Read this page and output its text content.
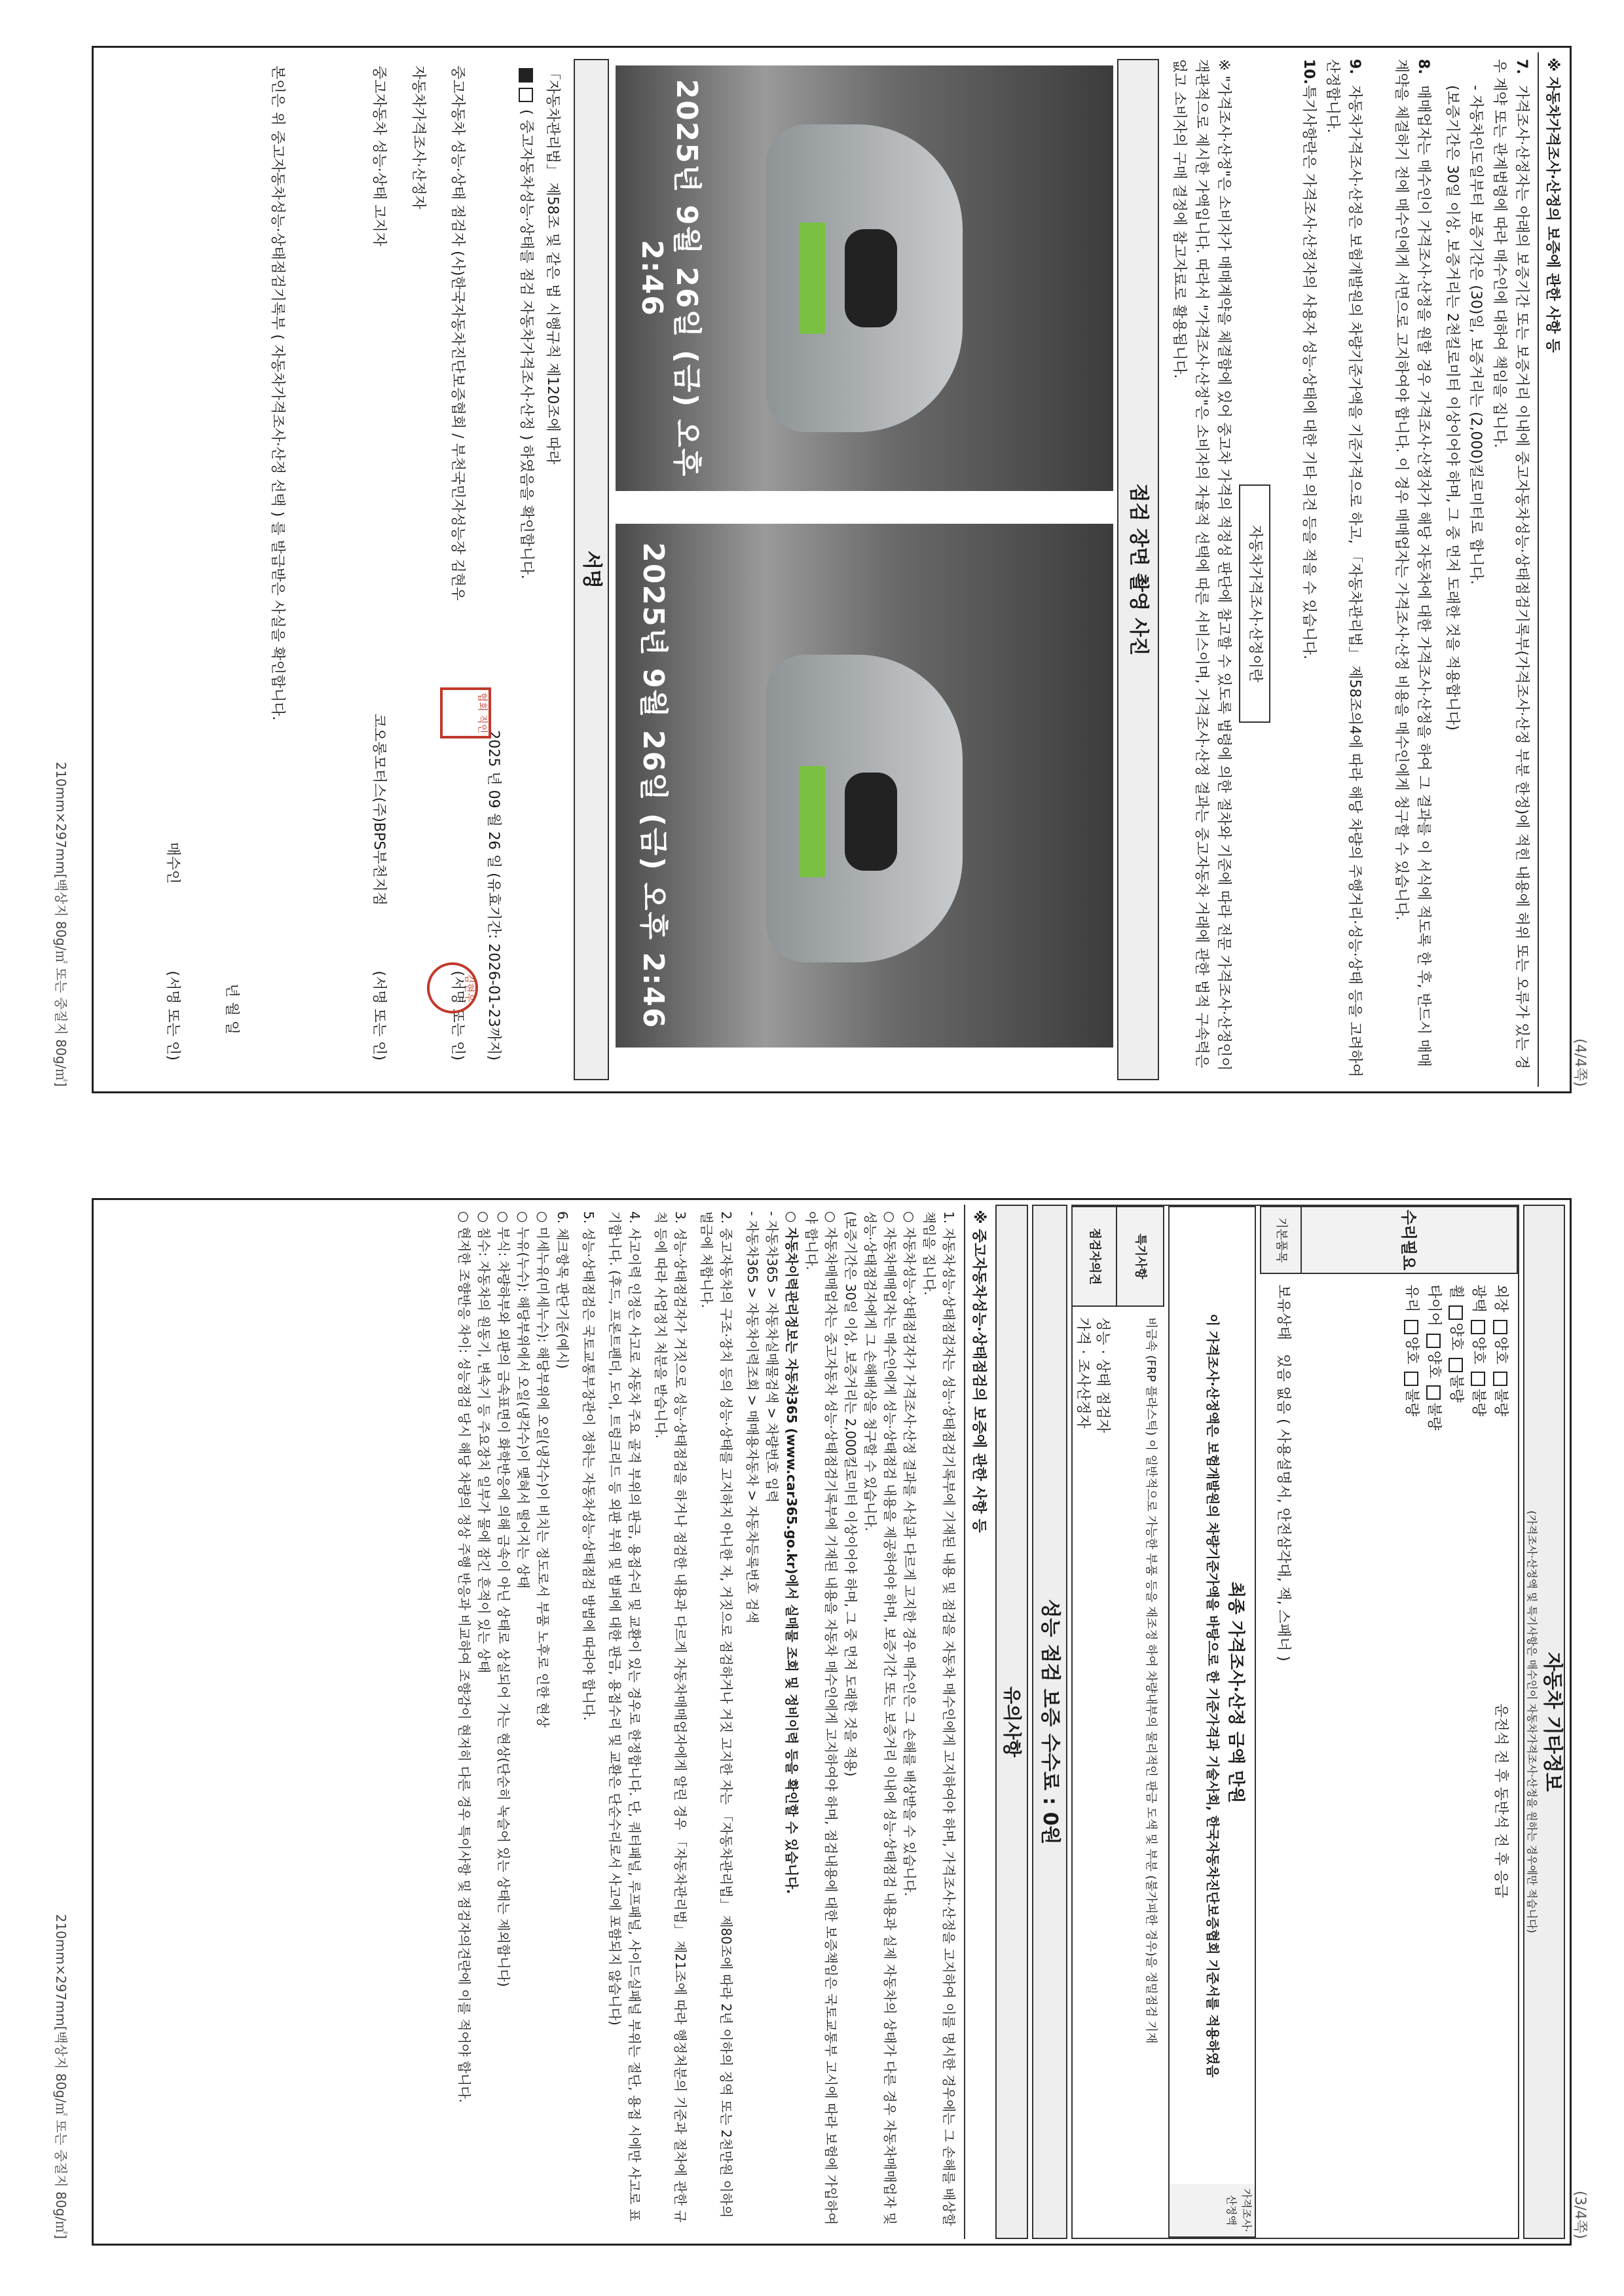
(4/4쪽)
※ 자동차가격조사·산정의 보증에 관한 사항 등
7.가격조사·산정자는 아래의 보증기간 또는 보증거리 이내에 중고자동차성능·상태점검기록부(가격조사·산정 부분 한정)에 적힌 내용에 허위 또는 오류가 있는 경우 계약 또는 관계법령에 따라 매수인에 대하여 책임을 집니다.
- 자동차인도일부터 보증기간은 (30)일, 보증거리는 (2,000)킬로미터로 합니다.
(보증기간은 30일 이상, 보증거리는 2천킬로미터 이상이어야 하며, 그 중 먼저 도래한 것을 적용합니다)
8.매매업자는 매수인이 가격조사·산정을 원할 경우 가격조사·산정자가 해당 자동차에 대한 가격조사·산정을 하여 그 결과를 이 서식에 적도록 한 후, 반드시 매매계약을 체결하기 전에 매수인에게 서면으로 고지하여야 합니다. 이 경우 매매업자는 가격조사·산정 비용을 매수인에게 청구할 수 있습니다.
9.자동차가격조사·산정은 보험개발원의 차량기준가액을 기준가격으로 하고, 「자동차관리법」 제58조의4에 따라 해당 차량의 주행거리·성능·상태 등을 고려하여 산정합니다.
10.특기사항란은 가격조사·산정자의 사용자 성능·상태에 대한 기타 의견 등을 적을 수 있습니다.
자동차가격조사·산정이란
※ "가격조사·산정"은 소비자가 매매계약을 체결함에 있어 중고차 가격의 적정성 판단에 참고할 수 있도록 법령에 의한 절차와 기준에 따라 전문 가격조사·산정인이 객관적으로 제시한 가액입니다. 따라서 "가격조사·산정"은 소비자의 자율적 선택에 따른 서비스이며, 가격조사·산정 결과는 중고자동차 거래에 관한 법적 구속력은 없고 소비자의 구매 결정에 참고자료로 활용됩니다.
점검 장면 촬영 사진
2025년 9월 26일 (금) 오후 2:46
2025년 9월 26일 (금) 오후 2:46
서명
「자동차관리법」 제58조 및 같은 법 시행규칙 제120조에 따라
( 중고자동차성능·상태를 점검 자동차가격조사·산정 ) 하였음을 확인합니다.
2025 년 09 월 26 일 (유효기간: 2026-01-23까지)
중고자동차 성능·상태 점검자 (사)한국자동차진단보증협회 / 부천국민자성능장 김현우
(서명 또는 인)
김현우
협회 직인
자동차가격조사·산정자
중고자동차 성능·상태 고지자
코오롱모터스(주)BPS부천지점
(서명 또는 인)
본인은 위 중고자동차성능·상태점검기록부 ( 자동차가격조사·산정 선택 ) 를 발급받은 사실을 확인합니다.
년 월 일
매수인
(서명 또는 인)
210mm×297mm[백상지 80g/㎡ 또는 중질지 80g/㎡]
(3/4쪽)
자동차 기타정보
(가격조사·산정액 및 특기사항은 매수인이 자동차가격조사·산정을 원하는 경우에만 적습니다)
수리필요
외장 양호 불량
광택 양호 불량
휠 양호 불량
타이어 양호 불량
유리 양호 불량
운전석 전 후 동반석 전 후 응급
기본품목
보유상태   있음 없음 ( 사용설명서, 안전삼각대, 잭, 스패너 )
가격조사·산정액
최종 가격조사·산정 금액 만원
이 가격조사·산정액은 보험개발원의 차량기준가액을 바탕으로 한 기준가격과 기술사회, 한국자동차진단보증협회 기준서를 적용하였음
특기사항
비금속 (FRP 플라스틱) 이 일반적으로 가능한 부품 등을 재조정 하여 차량내부의 물리적인 판금 도색 및 부분 (불가피한 경우)을 정밀점검 기재
점검자의견
성능 · 상태 점검자
가격 · 조사산정자
성능 점검 보증 수수료 : 0원
유의사항
※ 중고자동차성능·상태점검의 보증에 관한 사항 등
1. 자동차성능·상태점검자는 성능·상태점검기록부에 기재된 내용 및 점검을 자동차 매수인에게 고지하여야 하며, 가격조사·산정을 고지하여 이를 명시한 경우에는 그 손해를 배상할 책임을 집니다.
○ 자동차성능·상태점검자가 가격조사·산정 결과를 사실과 다르게 고지한 경우 매수인은 그 손해를 배상받을 수 있습니다.
○ 자동차매매업자는 매수인에게 성능·상태점검 내용을 제공하여야 하며, 보증기간 또는 보증거리 이내에 성능·상태점검 내용과 실제 자동차의 상태가 다른 경우 자동차매매업자 및 성능·상태점검자에게 그 손해배상을 청구할 수 있습니다.
(보증기간은 30일 이상, 보증거리는 2,000킬로미터 이상이어야 하며, 그 중 먼저 도래한 것을 적용)
○ 자동차매매업자는 중고자동차 성능·상태점검기록부에 기재된 내용을 자동차 매수인에게 고지하여야 하며, 점검내용에 대한 보증책임은 국토교통부 고시에 따라 보험에 가입하여야 합니다.
○ 자동차이력관리정보는 자동차365 (www.car365.go.kr)에서 실매물 조회 및 정비이력 등을 확인할 수 있습니다.
- 자동차365 > 자동차실매물검색 > 차량번호 입력
- 자동차365 > 자동차이력조회 > 매매용자동차 > 자동차등록번호 검색
2. 중고자동차의 구조·장치 등의 성능·상태를 고지하지 아니한 자, 거짓으로 점검하거나 거짓 고지한 자는 「자동차관리법」 제80조에 따라 2년 이하의 징역 또는 2천만원 이하의 벌금에 처합니다.
3. 성능·상태점검자가 거짓으로 성능·상태점검을 하거나 점검한 내용과 다르게 자동차매매업자에게 알린 경우 「자동차관리법」 제21조에 따라 행정처분의 기준과 절차에 관한 규칙 등에 따라 사업정지 처분을 받습니다.
4. 사고이력 인정은 사고로 자동차 주요 골격 부위의 판금, 용접수리 및 교환이 있는 경우로 한정합니다. 단, 쿼터패널, 루프패널, 사이드실패널 부위는 절단, 용접 시에만 사고로 표기합니다. (후드, 프론트펜더, 도어, 트렁크리드 등 외판 부위 및 범퍼에 대한 판금, 용접수리 및 교환은 단순수리로서 사고에 포함되지 않습니다)
5. 성능·상태점검은 국토교통부장관이 정하는 자동차성능·상태점검 방법에 따라야 합니다.
6. 체크항목 판단기준(예시)
○ 미세누유(미세누수): 해당부위에 오일(냉각수)이 비치는 정도로서 부품 노후로 인한 현상
○ 누유(누수): 해당부위에서 오일(냉각수)이 맺혀서 떨어지는 상태
○ 부식: 차량하부와 외판의 금속표면이 화학반응에 의해 금속이 아닌 상태로 상실되어 가는 현상(단순히 녹슬어 있는 상태는 제외합니다)
○ 침수: 자동차의 원동기, 변속기 등 주요장치 일부가 물에 잠긴 흔적이 있는 상태
○ 현저한 조향반응 차이: 성능점검 당시 해당 차량의 정상 주행 반응과 비교하여 조향감이 현저히 다른 경우 특이사항 및 점검자의견란에 이를 적어야 합니다.
210mm×297mm[백상지 80g/㎡ 또는 중질지 80g/㎡]
